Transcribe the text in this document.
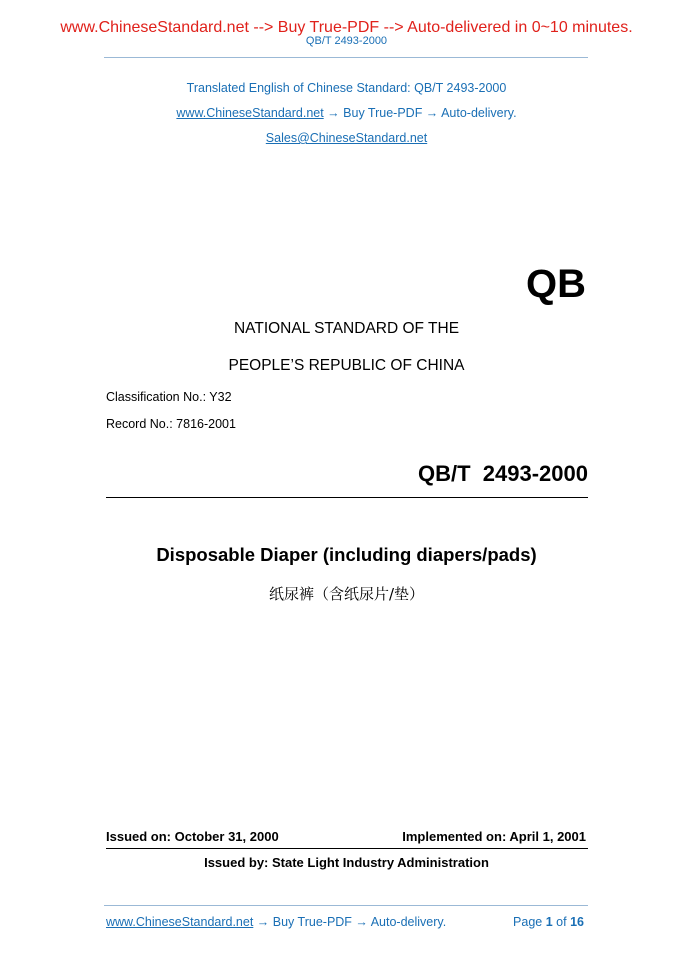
www.ChineseStandard.net --> Buy True-PDF --> Auto-delivered in 0~10 minutes.
QB/T 2493-2000
Translated English of Chinese Standard: QB/T 2493-2000
www.ChineseStandard.net → Buy True-PDF → Auto-delivery.
Sales@ChineseStandard.net
QB
NATIONAL STANDARD OF THE
PEOPLE’S REPUBLIC OF CHINA
Classification No.: Y32
Record No.: 7816-2001
QB/T  2493-2000
Disposable Diaper (including diapers/pads)
纸尿裤（含纸尿片/垫）
Issued on: October 31, 2000	Implemented on: April 1, 2001
Issued by: State Light Industry Administration
www.ChineseStandard.net → Buy True-PDF → Auto-delivery.	Page 1 of 16
